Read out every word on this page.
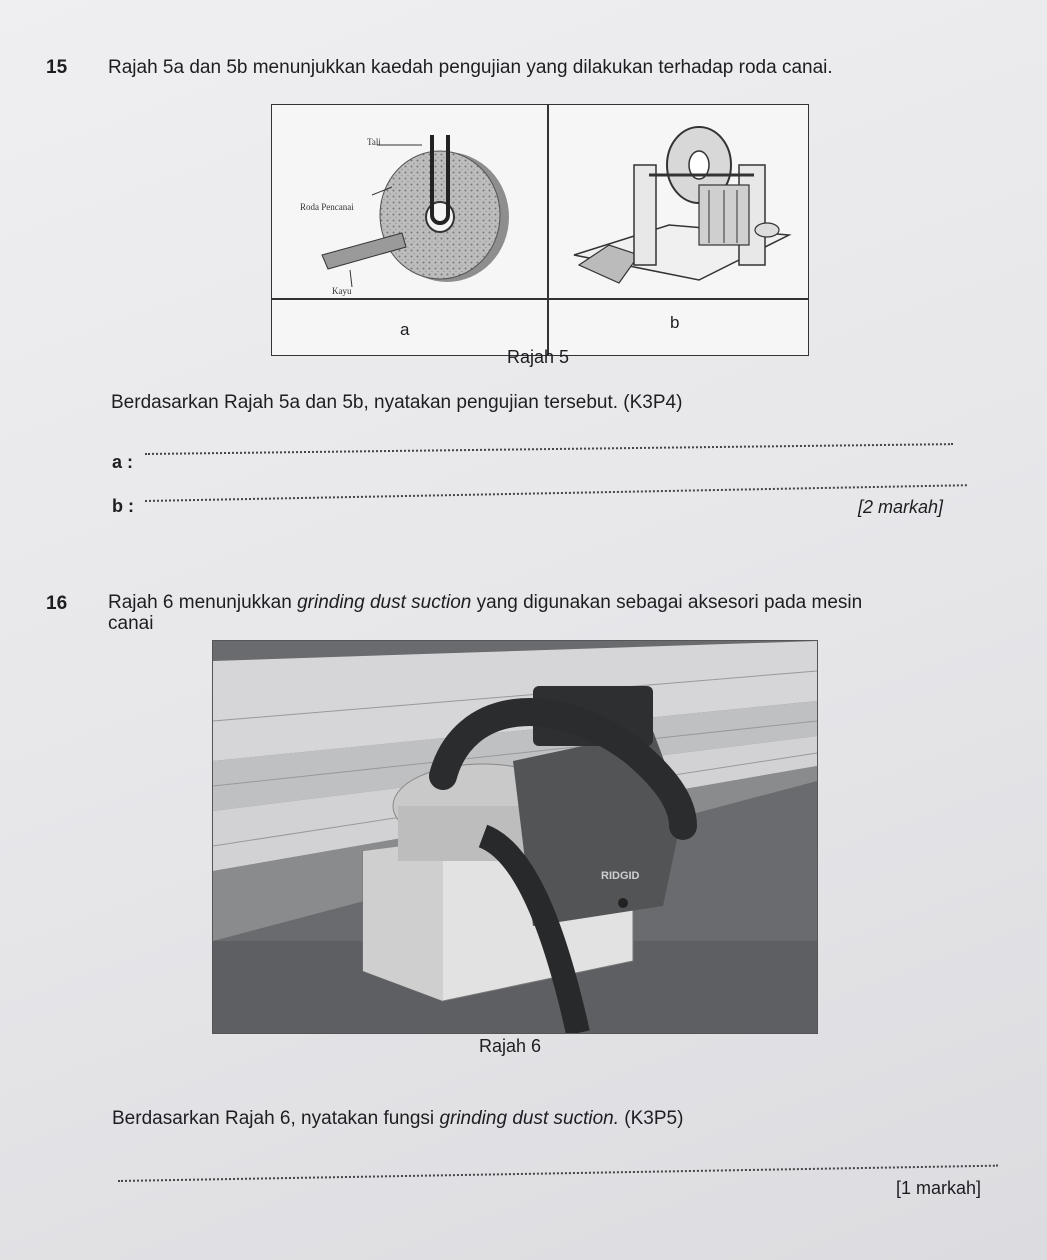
15 Rajah 5a dan 5b menunjukkan kaedah pengujian yang dilakukan terhadap roda canai.
Tali
Roda Pencanai
Kayu
a	b
Rajah 5
Berdasarkan Rajah 5a dan 5b, nyatakan pengujian tersebut. (K3P4)
a :
b :	[2 markah]
16 Rajah 6 menunjukkan grinding dust suction yang digunakan sebagai aksesori pada mesin
canai
RIDGID
Rajah 6
Berdasarkan Rajah 6, nyatakan fungsi grinding dust suction. (K3P5)
[1 markah]
